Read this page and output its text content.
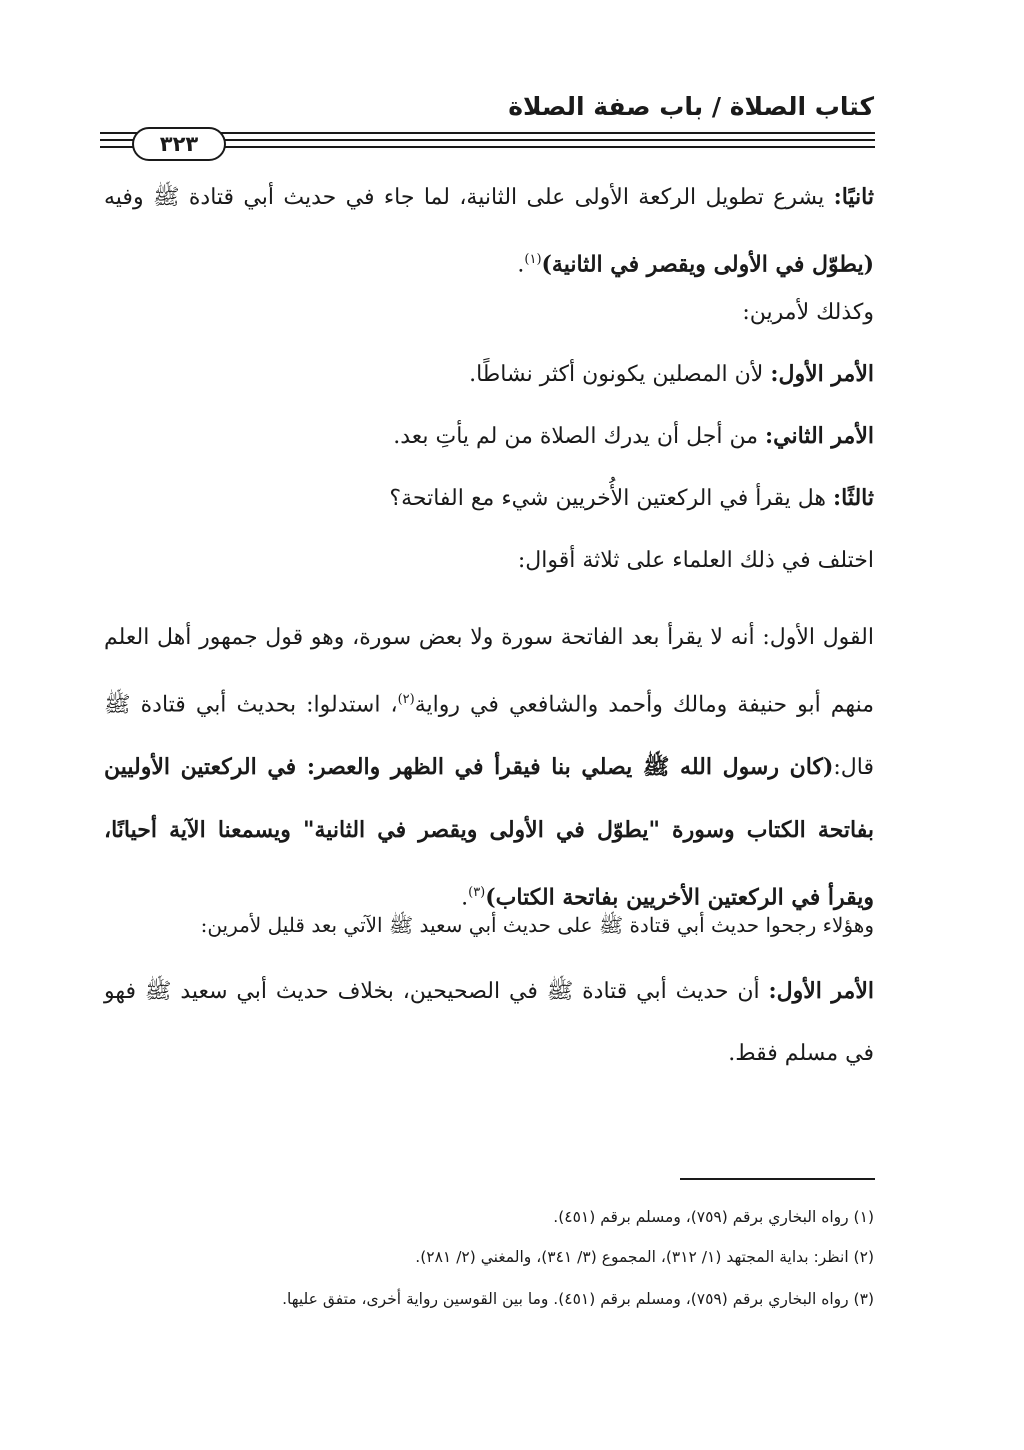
كتاب الصلاة / باب صفة الصلاة
٣٢٣
ثانيًا: يشرع تطويل الركعة الأولى على الثانية، لما جاء في حديث أبي قتادة ﷺ وفيه (يطوّل في الأولى ويقصر في الثانية)$^{(١)}$.
وكذلك لأمرين:
الأمر الأول: لأن المصلين يكونون أكثر نشاطًا.
الأمر الثاني: من أجل أن يدرك الصلاة من لم يأتِ بعد.
ثالثًا: هل يقرأ في الركعتين الأُخريين شيء مع الفاتحة؟
اختلف في ذلك العلماء على ثلاثة أقوال:
القول الأول: أنه لا يقرأ بعد الفاتحة سورة ولا بعض سورة، وهو قول جمهور أهل العلم منهم أبو حنيفة ومالك وأحمد والشافعي في رواية$^{(٢)}$، استدلوا: بحديث أبي قتادة ﷺ قال:(كان رسول الله ﷺ يصلي بنا فيقرأ في الظهر والعصر: في الركعتين الأوليين بفاتحة الكتاب وسورة "يطوّل في الأولى ويقصر في الثانية" ويسمعنا الآية أحيانًا، ويقرأ في الركعتين الأخريين بفاتحة الكتاب)$^{(٣)}$.
وهؤلاء رجحوا حديث أبي قتادة ﷺ على حديث أبي سعيد ﷺ الآتي بعد قليل لأمرين:
الأمر الأول: أن حديث أبي قتادة ﷺ في الصحيحين، بخلاف حديث أبي سعيد ﷺ فهو في مسلم فقط.
(١) رواه البخاري برقم (٧٥٩)، ومسلم برقم (٤٥١).
(٢) انظر: بداية المجتهد (١/ ٣١٢)، المجموع (٣/ ٣٤١)، والمغني (٢/ ٢٨١).
(٣) رواه البخاري برقم (٧٥٩)، ومسلم برقم (٤٥١). وما بين القوسين رواية أخرى، متفق عليها.
